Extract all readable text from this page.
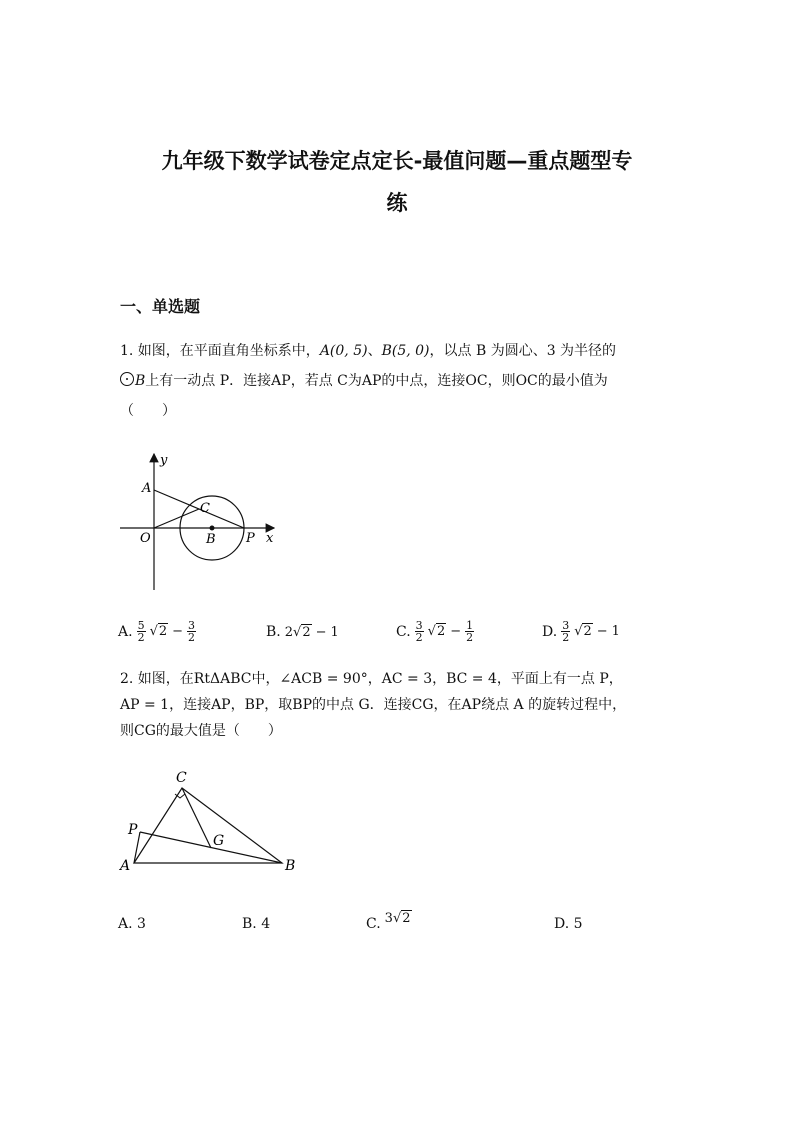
九年级下数学试卷定点定长-最值问题—重点题型专
练
一、单选题
1. 如图，在平面直角坐标系中，A(0, 5)、B(5, 0)，以点 B 为圆心、3 为半径的
B上有一动点 P．连接AP，若点 C为AP的中点，连接OC，则OC的最小值为
（　　）
y
x
A
C
O	B P
A. $\frac{5}{2} √2 - \frac{3}{2}$	B. 2√2 − 1	C. $\frac{3}{2} √2 - \frac{1}{2}$	D. $\frac{3}{2} √2 - 1$
2. 如图，在RtΔABC中，∠ACB = 90°，AC = 3，BC = 4，平面上有一点 P，
AP = 1，连接AP，BP，取BP的中点 G．连接CG，在AP绕点 A 的旋转过程中，
则CG的最大值是（　　）
C
P
G
A	B
A. 3	B. 4	C. 3√2	D. 5
